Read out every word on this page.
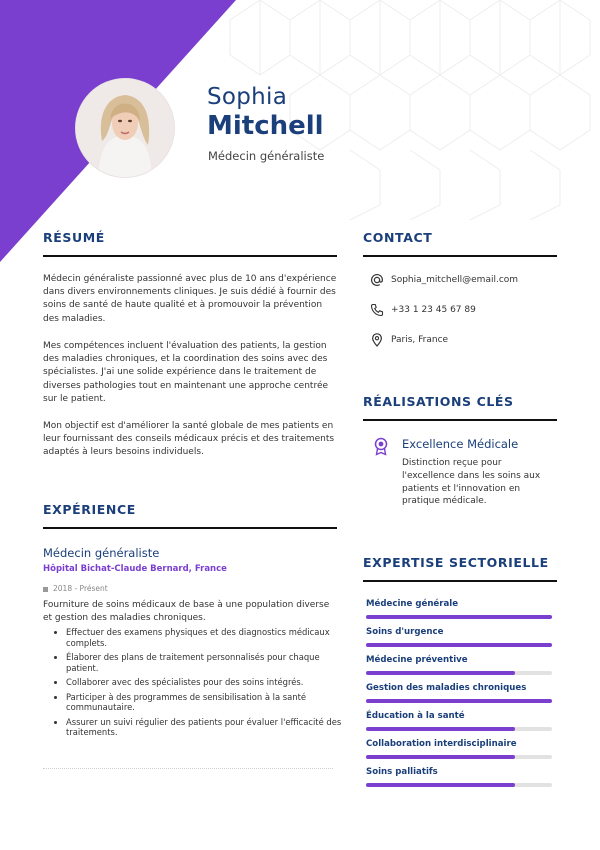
Sophia
Mitchell
Médecin généraliste
RÉSUMÉ
Médecin généraliste passionné avec plus de 10 ans d'expérience dans divers environnements cliniques. Je suis dédié à fournir des soins de santé de haute qualité et à promouvoir la prévention des maladies.
Mes compétences incluent l'évaluation des patients, la gestion des maladies chroniques, et la coordination des soins avec des spécialistes. J'ai une solide expérience dans le traitement de diverses pathologies tout en maintenant une approche centrée sur le patient.
Mon objectif est d'améliorer la santé globale de mes patients en leur fournissant des conseils médicaux précis et des traitements adaptés à leurs besoins individuels.
EXPÉRIENCE
Médecin généraliste
Hôpital Bichat-Claude Bernard, France
2018 - Présent
Fourniture de soins médicaux de base à une population diverse et gestion des maladies chroniques.
• Effectuer des examens physiques et des diagnostics médicaux complets.
• Élaborer des plans de traitement personnalisés pour chaque patient.
• Collaborer avec des spécialistes pour des soins intégrés.
• Participer à des programmes de sensibilisation à la santé communautaire.
• Assurer un suivi régulier des patients pour évaluer l'efficacité des traitements.
CONTACT
Sophia_mitchell@email.com
+33 1 23 45 67 89
Paris, France
RÉALISATIONS CLÉS
Excellence Médicale
Distinction reçue pour l'excellence dans les soins aux patients et l'innovation en pratique médicale.
EXPERTISE SECTORIELLE
Médecine générale
Soins d'urgence
Médecine préventive
Gestion des maladies chroniques
Éducation à la santé
Collaboration interdisciplinaire
Soins palliatifs
